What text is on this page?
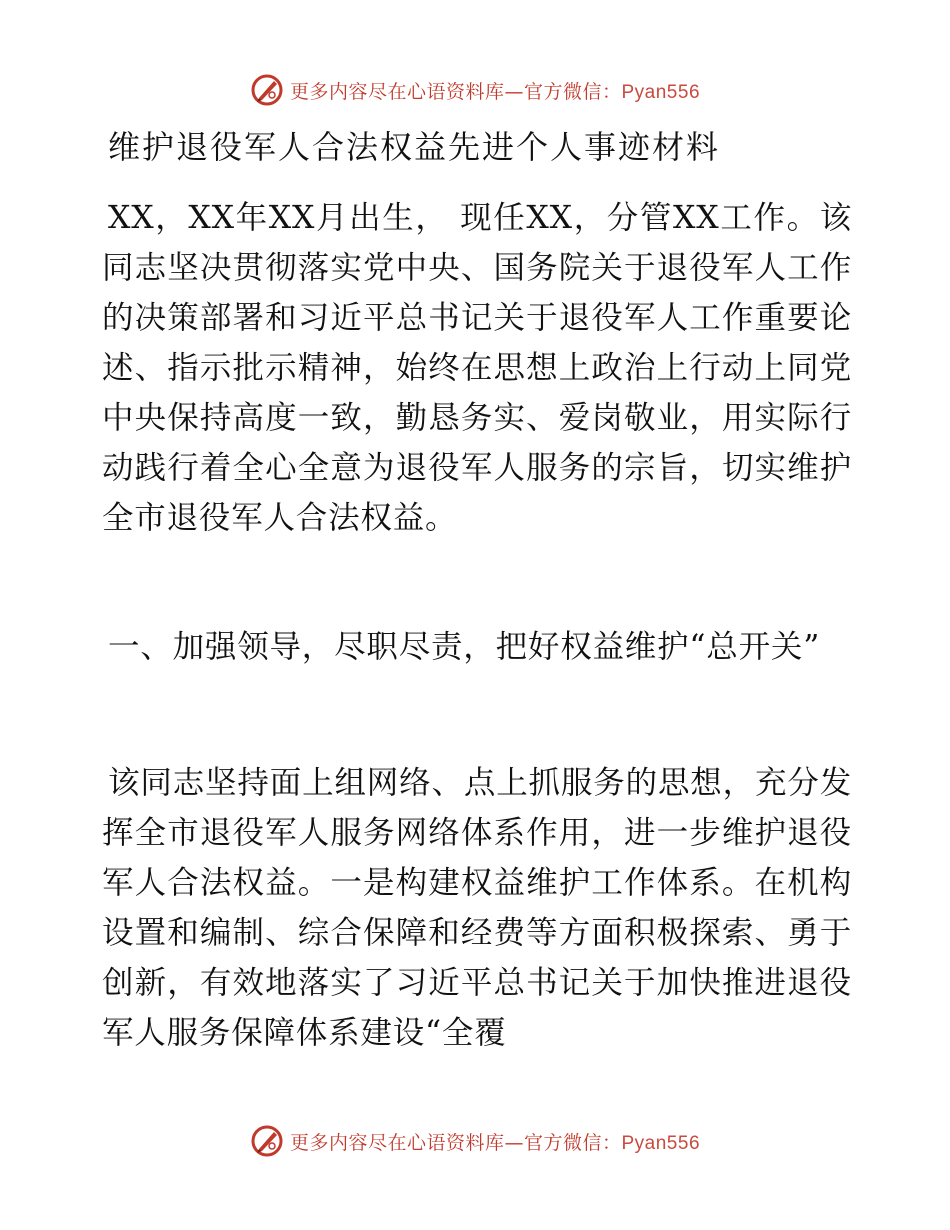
更多内容尽在心语资料库—官方微信：Pyan556
维护退役军人合法权益先进个人事迹材料
XX，XX年XX月出生， 现任XX，分管XX工作。该同志坚决贯彻落实党中央、国务院关于退役军人工作的决策部署和习近平总书记关于退役军人工作重要论述、指示批示精神，始终在思想上政治上行动上同党中央保持高度一致，勤恳务实、爱岗敬业，用实际行动践行着全心全意为退役军人服务的宗旨，切实维护全市退役军人合法权益。
一、加强领导，尽职尽责，把好权益维护“总开关”
该同志坚持面上组网络、点上抓服务的思想，充分发挥全市退役军人服务网络体系作用，进一步维护退役军人合法权益。一是构建权益维护工作体系。在机构设置和编制、综合保障和经费等方面积极探索、勇于创新，有效地落实了习近平总书记关于加快推进退役军人服务保障体系建设“全覆
更多内容尽在心语资料库—官方微信：Pyan556
